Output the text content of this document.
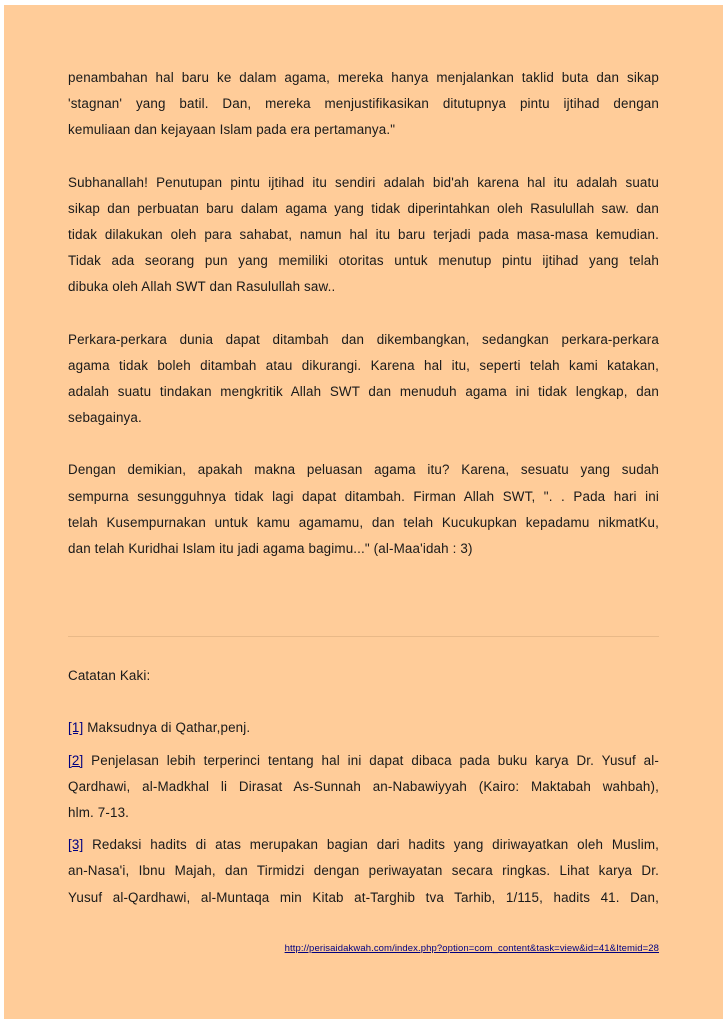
penambahan hal baru ke dalam agama, mereka hanya menjalankan taklid buta dan sikap
'stagnan' yang batil. Dan, mereka menjustifikasikan ditutupnya pintu ijtihad dengan
kemuliaan dan kejayaan Islam pada era pertamanya."
Subhanallah! Penutupan pintu ijtihad itu sendiri adalah bid'ah karena hal itu adalah suatu
sikap dan perbuatan baru dalam agama yang tidak diperintahkan oleh Rasulullah saw. dan
tidak dilakukan oleh para sahabat, namun hal itu baru terjadi pada masa-masa kemudian.
Tidak ada seorang pun yang memiliki otoritas untuk menutup pintu ijtihad yang telah
dibuka oleh Allah SWT dan Rasulullah saw..
Perkara-perkara dunia dapat ditambah dan dikembangkan, sedangkan perkara-perkara
agama tidak boleh ditambah atau dikurangi. Karena hal itu, seperti telah kami katakan,
adalah suatu tindakan mengkritik Allah SWT dan menuduh agama ini tidak lengkap, dan
sebagainya.
Dengan demikian, apakah makna peluasan agama itu? Karena, sesuatu yang sudah
sempurna sesungguhnya tidak lagi dapat ditambah. Firman Allah SWT, ". . Pada hari ini
telah Kusempurnakan untuk kamu agamamu, dan telah Kucukupkan kepadamu nikmatKu,
dan telah Kuridhai Islam itu jadi agama bagimu..." (al-Maa'idah : 3)
Catatan Kaki:
[1] Maksudnya di Qathar,penj.
[2] Penjelasan lebih terperinci tentang hal ini dapat dibaca pada buku karya Dr. Yusuf al-
Qardhawi, al-Madkhal li Dirasat As-Sunnah an-Nabawiyyah (Kairo: Maktabah wahbah),
hlm. 7-13.
[3] Redaksi hadits di atas merupakan bagian dari hadits yang diriwayatkan oleh Muslim,
an-Nasa'i, Ibnu Majah, dan Tirmidzi dengan periwayatan secara ringkas. Lihat karya Dr.
Yusuf al-Qardhawi, al-Muntaqa min Kitab at-Targhib tva Tarhib, 1/115, hadits 41. Dan,
http://perisaidakwah.com/index.php?option=com_content&task=view&id=41&Itemid=28
